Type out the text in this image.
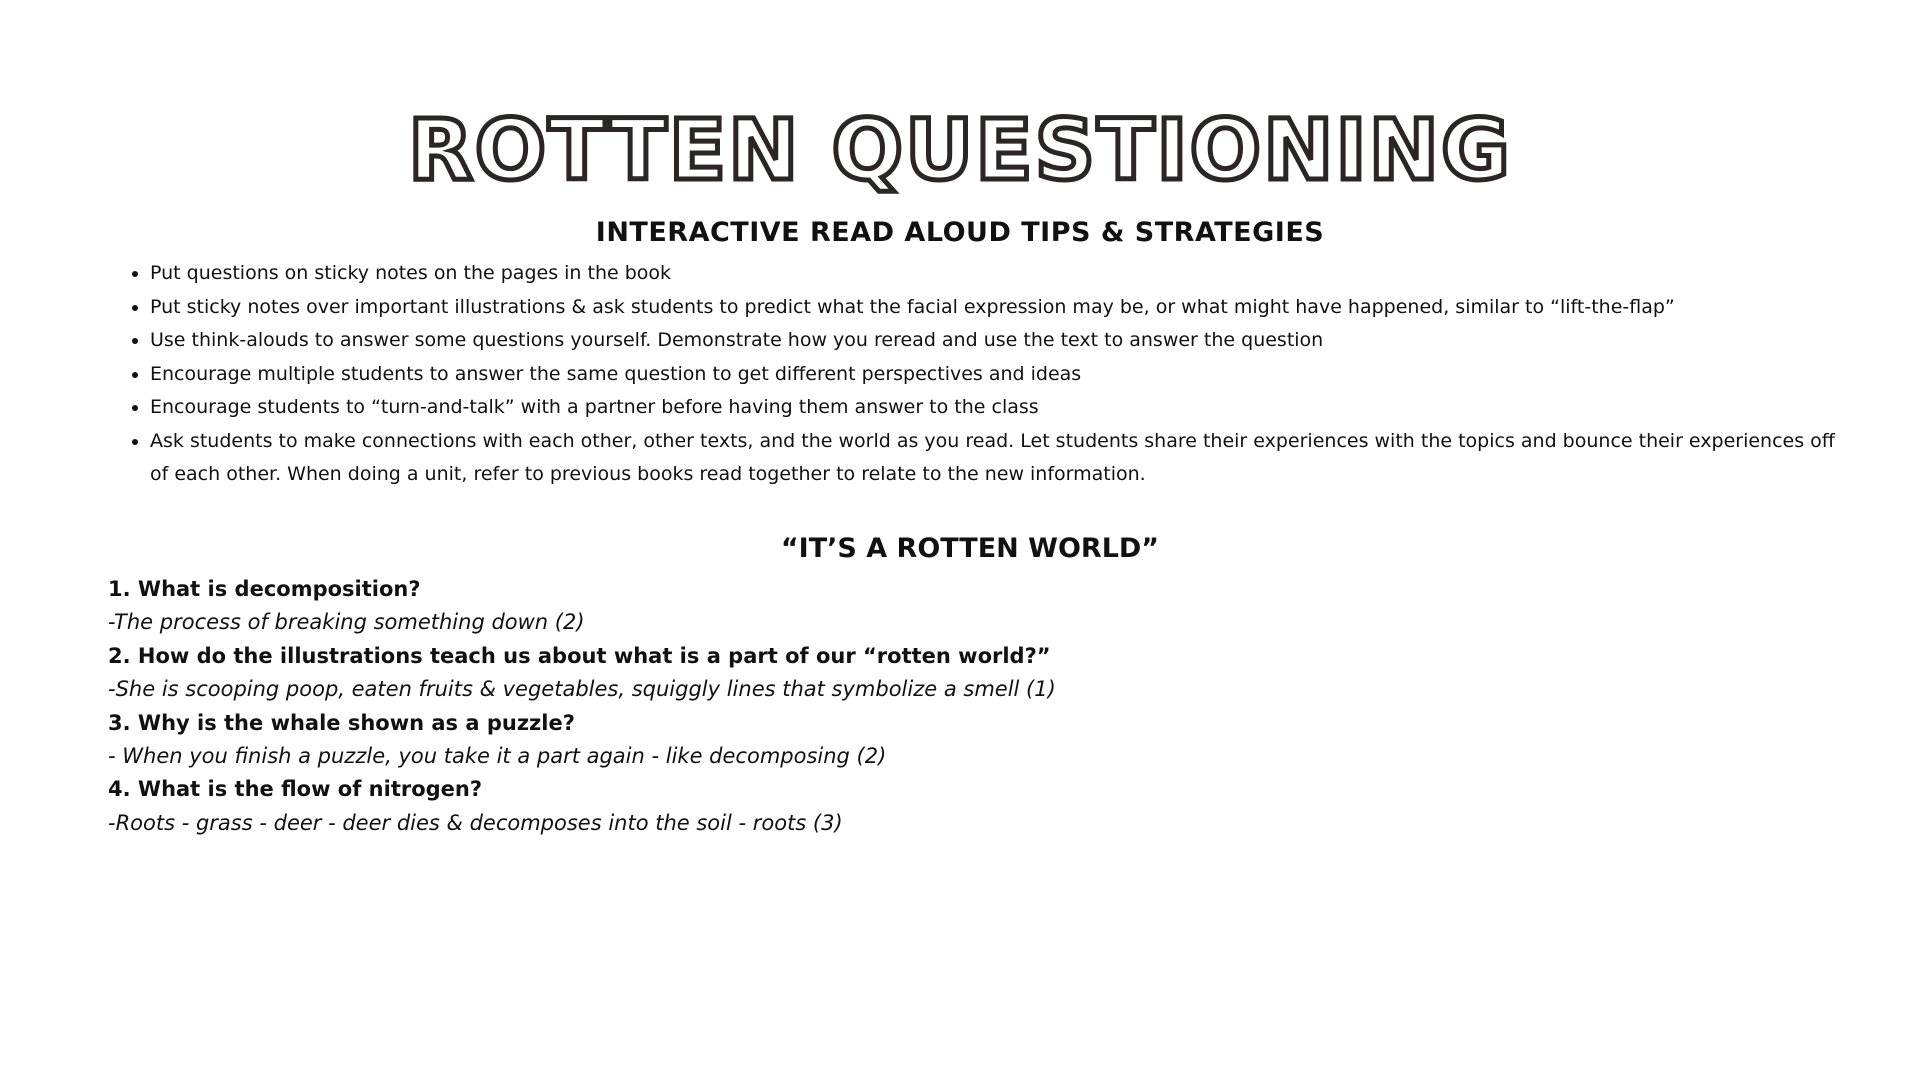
ROTTEN QUESTIONING
INTERACTIVE READ ALOUD TIPS & STRATEGIES
• Put questions on sticky notes on the pages in the book
• Put sticky notes over important illustrations & ask students to predict what the facial expression may be, or what might have happened, similar to “lift-the-flap”
• Use think-alouds to answer some questions yourself. Demonstrate how you reread and use the text to answer the question
• Encourage multiple students to answer the same question to get different perspectives and ideas
• Encourage students to “turn-and-talk” with a partner before having them answer to the class
• Ask students to make connections with each other, other texts, and the world as you read. Let students share their experiences with the topics and bounce their experiences off of each other. When doing a unit, refer to previous books read together to relate to the new information.
“IT’S A ROTTEN WORLD”

1. What is decomposition?

-The process of breaking something down (2)

2. How do the illustrations teach us about what is a part of our “rotten world?”

-She is scooping poop, eaten fruits & vegetables, squiggly lines that symbolize a smell (1)

3. Why is the whale shown as a puzzle?

- When you finish a puzzle, you take it a part again - like decomposing (2)

4. What is the flow of nitrogen?

-Roots - grass - deer - deer dies & decomposes into the soil - roots (3)
